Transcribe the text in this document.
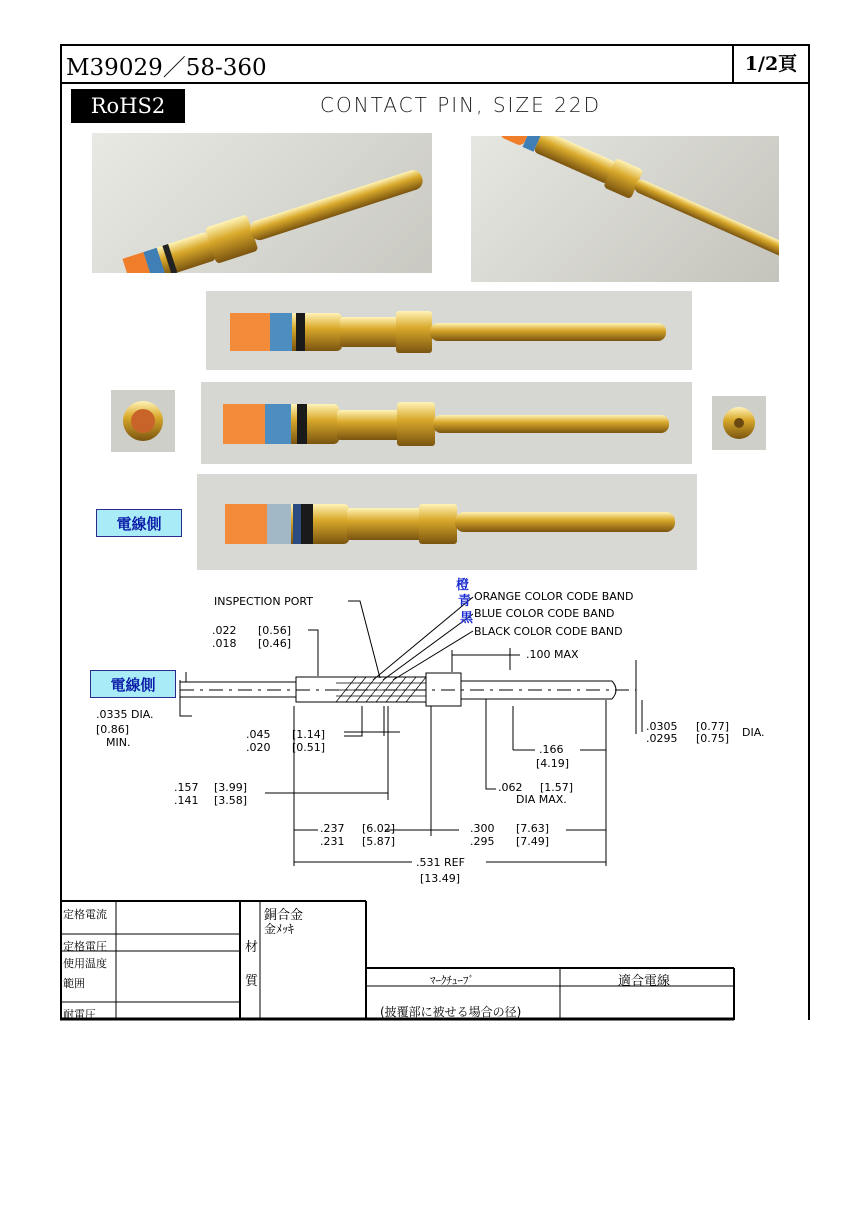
M39029／58-360	1/2頁
RoHS2	CONTACT PIN, SIZE 22D
電線側
INSPECTION PORT	ORANGE COLOR CODE BAND
BLUE COLOR CODE BAND
BLACK COLOR CODE BAND
.100 MAX
.022 [0.56]
.018 [0.46]
.0335 DIA.
[0.86]
MIN.
.045 [1.14]
.020 [0.51]	.166
[4.19]
.0305 [0.77] DIA.
.0295 [0.75]
.062 [1.57]
DIA MAX.
.157 [3.99]
.141 [3.58]
.237 [6.02]
.231 [5.87]
.300 [7.63]
.295 [7.49]
.531 REF
[13.49]
橙
青
黒
電線側
定格電流
定格電圧
使用温度
範囲
耐電圧
材
質
銅合金
金ﾒｯｷ
ﾏｰｸﾁｭｰﾌﾞ	適合電線
(披覆部に被せる場合の径)
